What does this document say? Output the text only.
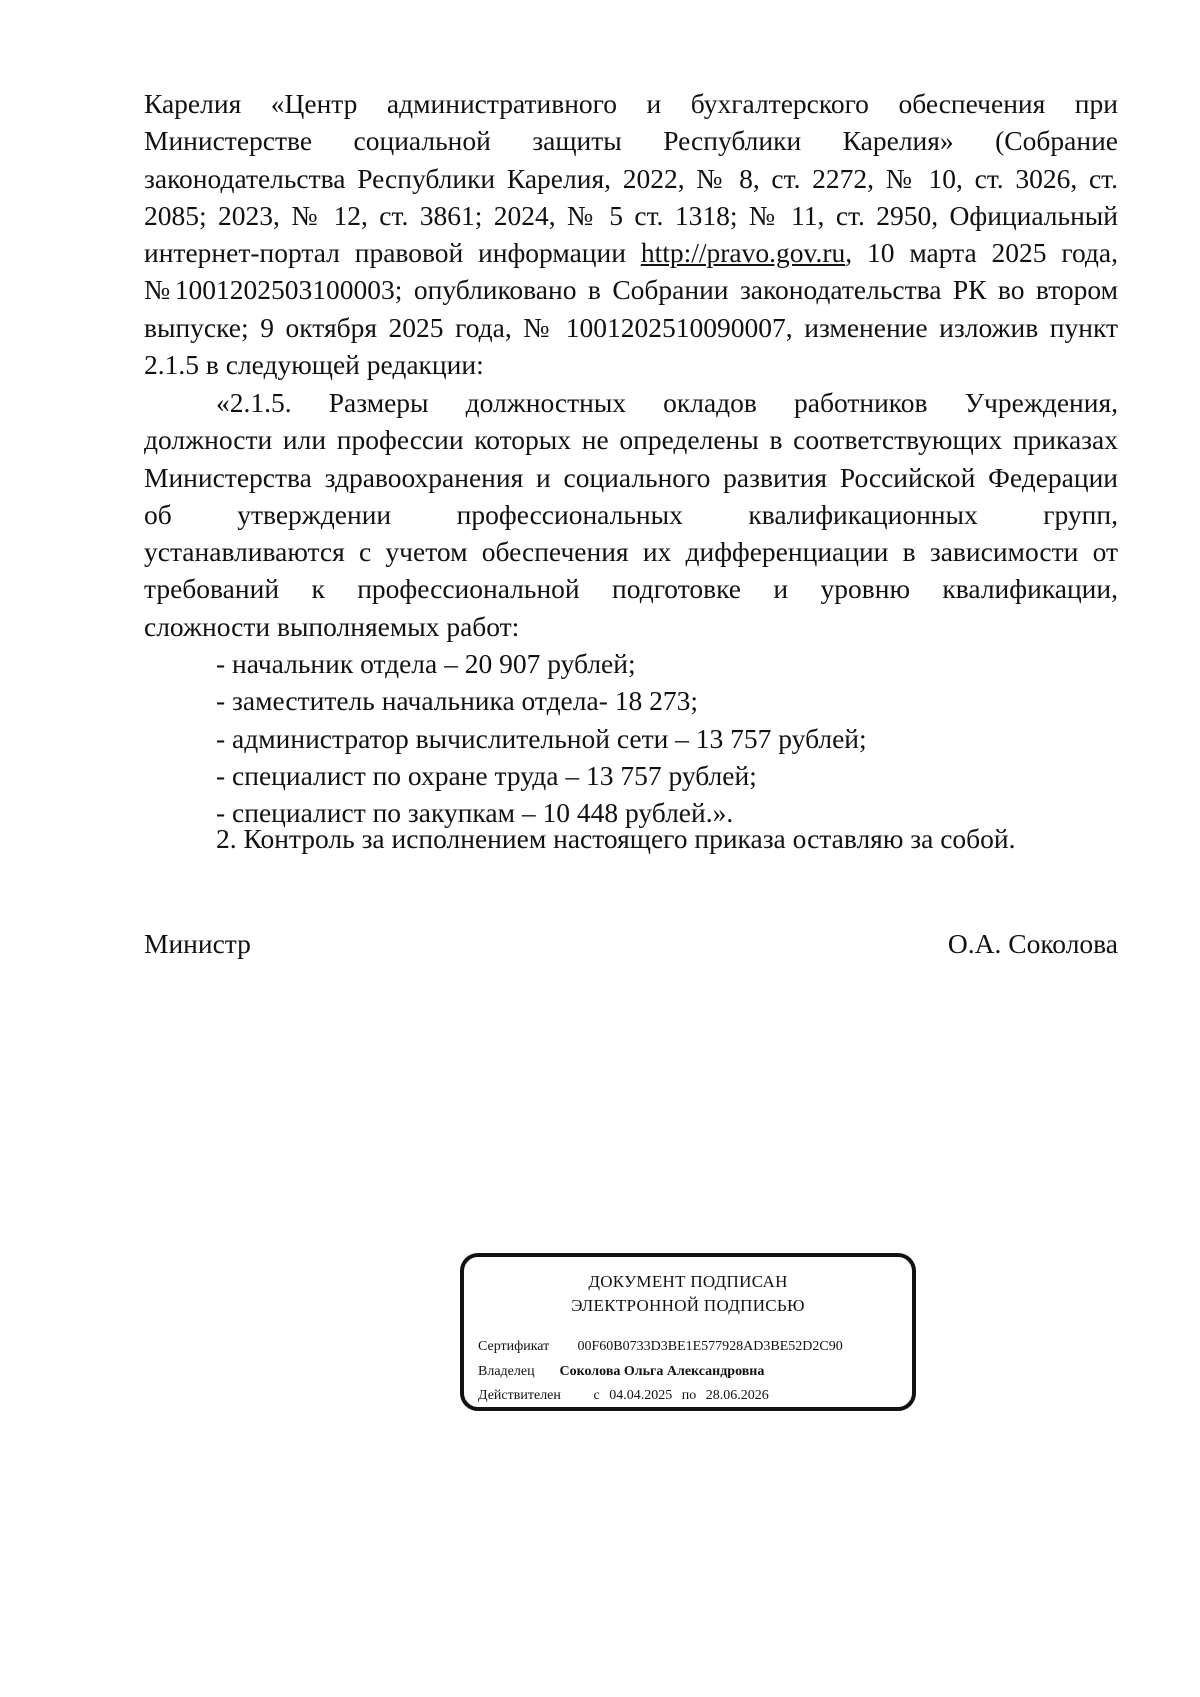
Карелия «Центр административного и бухгалтерского обеспечения при

Министерстве социальной защиты Республики Карелия» (Собрание

законодательства Республики Карелия, 2022, № 8, ст. 2272, № 10, ст. 3026, ст.

2085; 2023, № 12, ст. 3861; 2024, № 5 ст. 1318; № 11, ст. 2950, Официальный

интернет-портал правовой информации http://pravo.gov.ru, 10 марта 2025 года,

№1001202503100003; опубликовано в Собрании законодательства РК во втором

выпуске; 9 октября 2025 года, № 1001202510090007, изменение изложив пункт

2.1.5 в следующей редакции:

«2.1.5. Размеры должностных окладов работников Учреждения,

должности или профессии которых не определены в соответствующих приказах

Министерства здравоохранения и социального развития Российской Федерации

об утверждении профессиональных квалификационных групп,

устанавливаются с учетом обеспечения их дифференциации в зависимости от

требований к профессиональной подготовке и уровню квалификации,

сложности выполняемых работ:

- начальник отдела – 20 907 рублей;
- заместитель начальника отдела- 18 273;
- администратор вычислительной сети – 13 757 рублей;
- специалист по охране труда – 13 757 рублей;
- специалист по закупкам – 10 448 рублей.».
2. Контроль за исполнением настоящего приказа оставляю за собой.
Министр	О.А. Соколова
ДОКУМЕНТ ПОДПИСАН
ЭЛЕКТРОННОЙ ПОДПИСЬЮ
Сертификат 00F60B0733D3BE1E577928AD3BE52D2C90
Владелец Соколова Ольга Александровна
Действителен с 04.04.2025 по 28.06.2026
